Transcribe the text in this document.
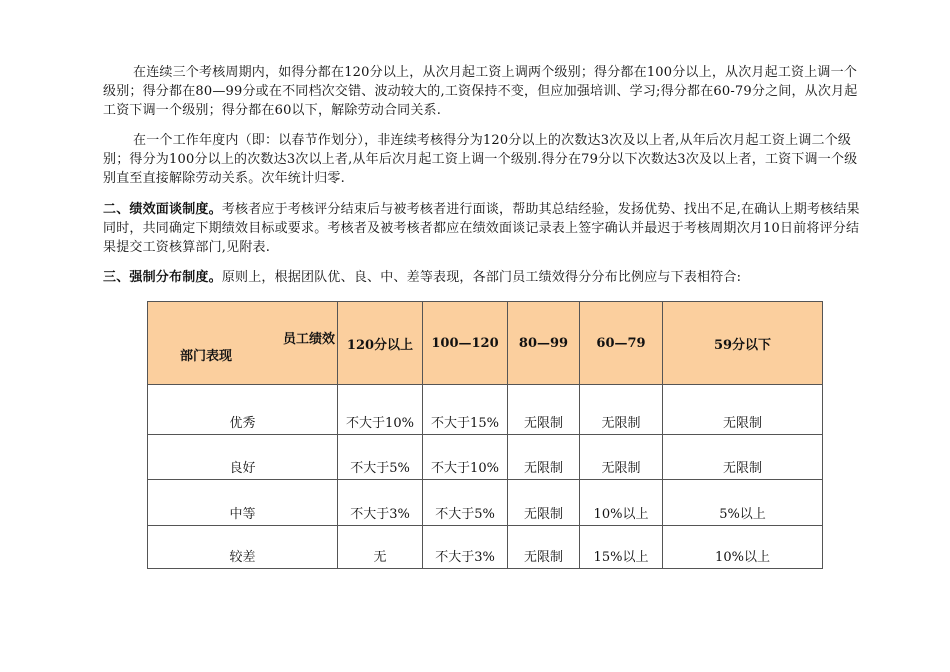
在连续三个考核周期内，如得分都在120分以上，从次月起工资上调两个级别；得分都在100分以上，从次月起工资上调一个级别；得分都在80—99分或在不同档次交错、波动较大的,工资保持不变，但应加强培训、学习;得分都在60-79分之间，从次月起工资下调一个级别；得分都在60以下，解除劳动合同关系.

在一个工作年度内（即：以春节作划分），非连续考核得分为120分以上的次数达3次及以上者,从年后次月起工资上调二个级别；得分为100分以上的次数达3次以上者,从年后次月起工资上调一个级别.得分在79分以下次数达3次及以上者，工资下调一个级别直至直接解除劳动关系。次年统计归零.

二、绩效面谈制度。考核者应于考核评分结束后与被考核者进行面谈，帮助其总结经验，发扬优势、找出不足,在确认上期考核结果同时，共同确定下期绩效目标或要求。考核者及被考核者都应在绩效面谈记录表上签字确认并最迟于考核周期次月10日前将评分结果提交工资核算部门,见附表.

三、强制分布制度。原则上，根据团队优、良、中、差等表现，各部门员工绩效得分分布比例应与下表相符合:

员工绩效
部门表现	120分以上	100—120	80—99	60—79	59分以下
优秀	不大于10%	不大于15%	无限制	无限制	无限制
良好	不大于5%	不大于10%	无限制	无限制	无限制
中等	不大于3%	不大于5%	无限制	10%以上	5%以上
较差	无	不大于3%	无限制	15%以上	10%以上
